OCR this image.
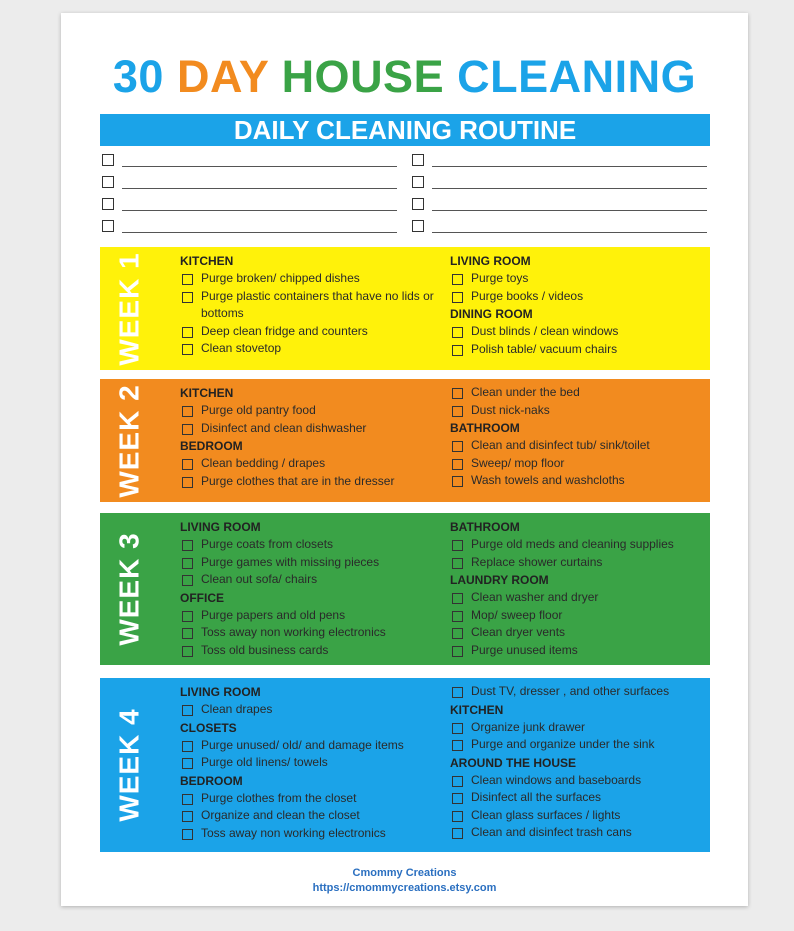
30 DAY HOUSE CLEANING
DAILY CLEANING ROUTINE
WEEK 1	KITCHEN
Purge broken/ chipped dishes
Purge plastic containers that have no lids or bottoms
Deep clean fridge and counters
Clean stovetop
LIVING ROOM
Purge toys
Purge books / videos
DINING ROOM
Dust blinds / clean windows
Polish table/ vacuum chairs
WEEK 2	KITCHEN
Purge old pantry food
Disinfect and clean dishwasher
BEDROOM
Clean bedding / drapes
Purge clothes that are in the dresser
Clean under the bed
Dust nick-naks
BATHROOM
Clean and disinfect tub/ sink/toilet
Sweep/ mop floor
Wash towels and washcloths
WEEK 3
LIVING ROOM
Purge coats from closets
Purge games with missing pieces
Clean out sofa/ chairs
OFFICE
Purge papers and old pens
Toss away non working electronics
Toss old business cards
BATHROOM
Purge old meds and cleaning supplies
Replace shower curtains
LAUNDRY ROOM
Clean washer and dryer
Mop/ sweep floor
Clean dryer vents
Purge unused items
WEEK 4
LIVING ROOM
Clean drapes
CLOSETS
Purge unused/ old/ and damage items
Purge old linens/ towels
BEDROOM
Purge clothes from the closet
Organize and clean the closet
Toss away non working electronics
Dust TV, dresser , and other surfaces
KITCHEN
Organize junk drawer
Purge and organize under the sink
AROUND THE HOUSE
Clean windows and baseboards
Disinfect all the surfaces
Clean glass surfaces / lights
Clean and disinfect trash cans
Cmommy Creations
https://cmommycreations.etsy.com
